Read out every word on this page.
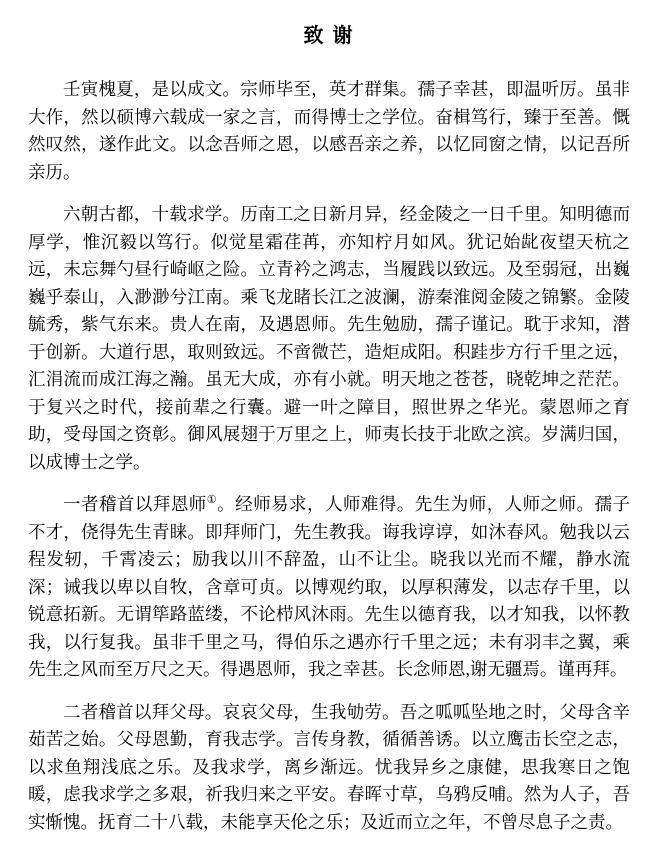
致 谢

壬寅槐夏，是以成文。宗师毕至，英才群集。孺子幸甚，即温听厉。虽非大作，然以硕博六载成一家之言，而得博士之学位。奋楫笃行，臻于至善。慨然叹然，遂作此文。以念吾师之恩，以感吾亲之养，以忆同窗之情，以记吾所亲历。

六朝古都，十载求学。历南工之日新月异，经金陵之一日千里。知明德而厚学，惟沉毅以笃行。似觉星霜荏苒，亦知柠月如风。犹记始龀夜望天杭之远，未忘舞勺昼行崎岖之险。立青衿之鸿志，当履践以致远。及至弱冠，出巍巍乎泰山，入渺渺兮江南。乘飞龙睹长江之波澜，游秦淮阅金陵之锦繁。金陵毓秀，紫气东来。贵人在南，及遇恩师。先生勉励，孺子谨记。耽于求知，潜于创新。大道行思，取则致远。不啻微芒，造炬成阳。积跬步方行千里之远，汇涓流而成江海之瀚。虽无大成，亦有小就。明天地之苍苍，晓乾坤之茫茫。于复兴之时代，接前辈之行囊。避一叶之障目，照世界之华光。蒙恩师之育助，受母国之资彰。御风展翅于万里之上，师夷长技于北欧之滨。岁满归国，以成博士之学。

一者稽首以拜恩师①。经师易求，人师难得。先生为师，人师之师。孺子不才，侥得先生青睐。即拜师门，先生教我。诲我谆谆，如沐春风。勉我以云程发轫，千霄凌云；励我以川不辞盈，山不让尘。晓我以光而不耀，静水流深；诫我以卑以自牧，含章可贞。以博观约取，以厚积薄发，以志存千里，以锐意拓新。无谓筚路蓝缕，不论栉风沐雨。先生以德育我，以才知我，以怀教我，以行复我。虽非千里之马，得伯乐之遇亦行千里之远；未有羽丰之翼，乘先生之风而至万尺之天。得遇恩师，我之幸甚。长念师恩,谢无疆焉。谨再拜。

二者稽首以拜父母。哀哀父母，生我劬劳。吾之呱呱坠地之时，父母含辛茹苦之始。父母恩勤，育我志学。言传身教，循循善诱。以立鹰击长空之志，以求鱼翔浅底之乐。及我求学，离乡渐远。忧我异乡之康健，思我寒日之饱暖，虑我求学之多艰，祈我归来之平安。春晖寸草，乌鸦反哺。然为人子，吾实惭愧。抚育二十八载，未能享天伦之乐；及近而立之年，不曾尽息子之责。
